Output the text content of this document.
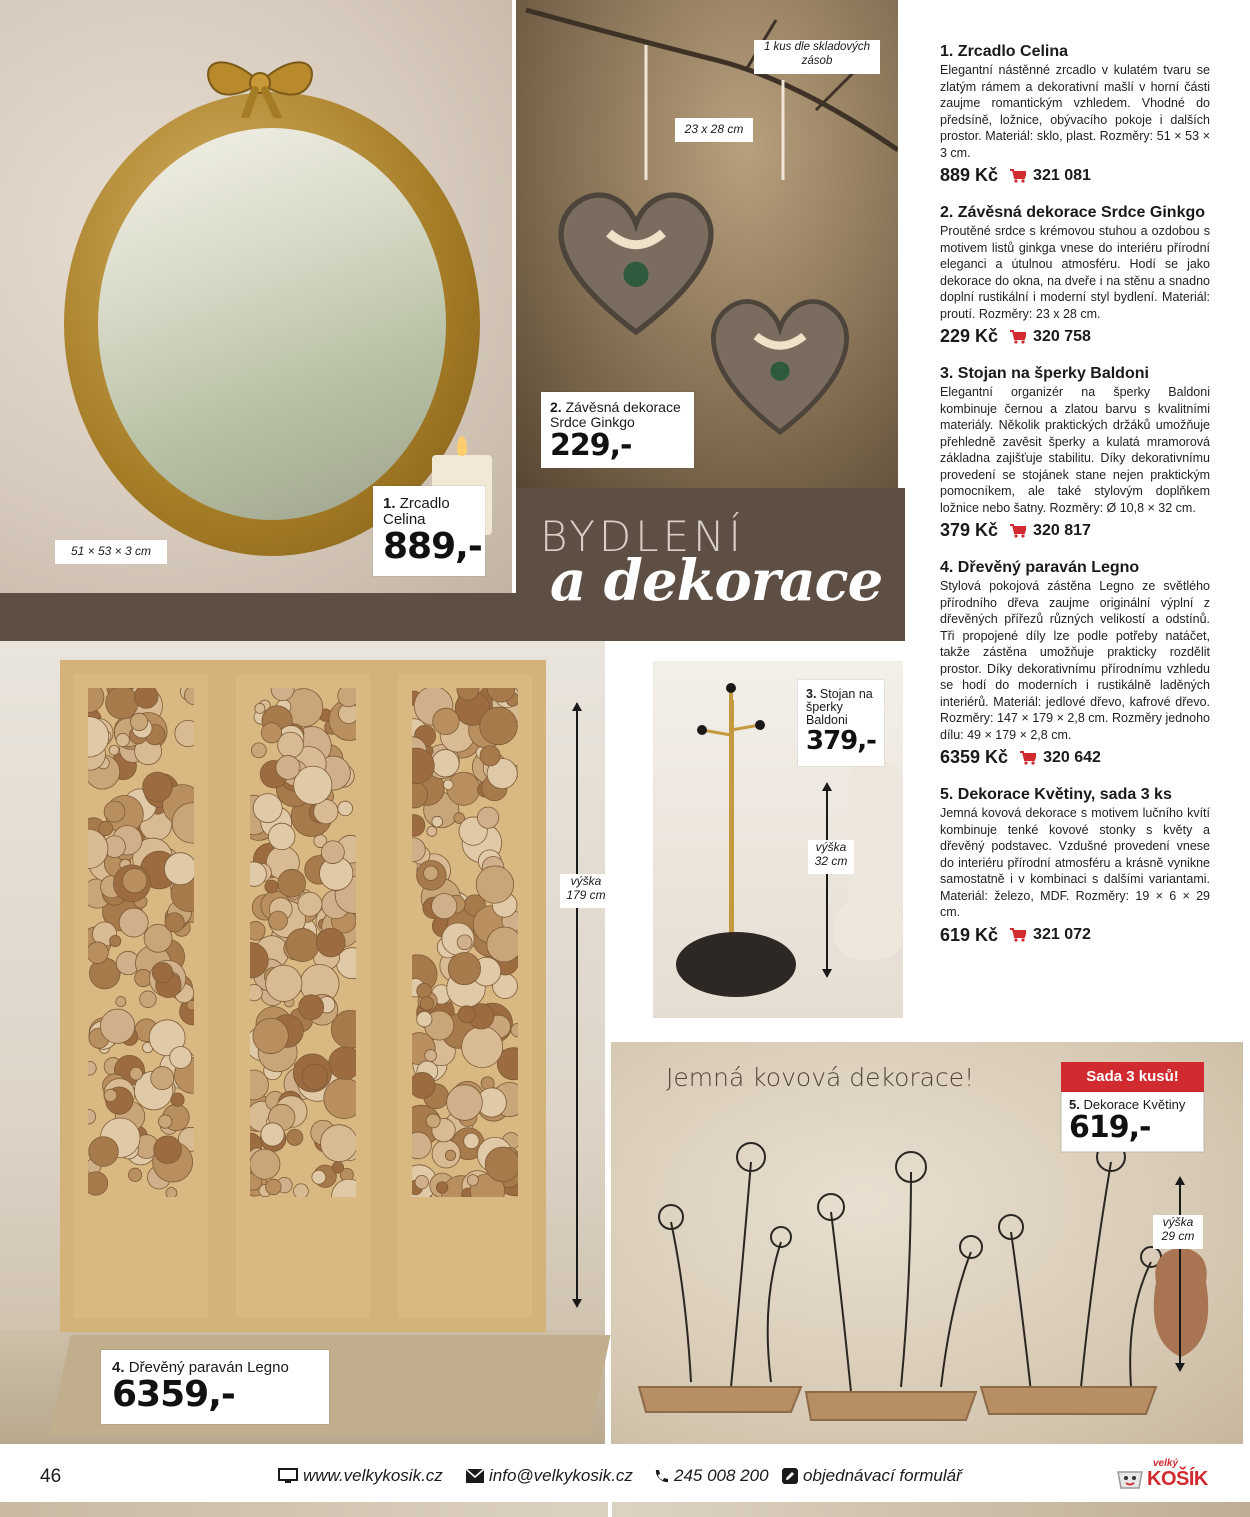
BYDLENÍ
a dekorace
Jemná kovová dekorace!	Sada 3 kusů!
51 × 53 × 3 cm
1 kus dle skladových zásob
23 x 28 cm
výška
179 cm
výška
32 cm
výška
29 cm
1. Zrcadlo Celina
889,-
2. Závěsná dekorace Srdce Ginkgo
229,-
3. Stojan na šperky Baldoni
379,-
4. Dřevěný paraván Legno
6359,-
5. Dekorace Květiny
619,-
1. Zrcadlo Celina
Elegantní nástěnné zrcadlo v kulatém tvaru se zlatým rámem a dekorativní mašlí v horní části zaujme romantickým vzhledem. Vhodné do předsíně, ložnice, obývacího pokoje i dalších prostor. Materiál: sklo, plast. Rozměry: 51 × 53 × 3 cm.
889 Kč 321 081
2. Závěsná dekorace Srdce Ginkgo
Proutěné srdce s krémovou stuhou a ozdobou s motivem listů ginkga vnese do interiéru přírodní eleganci a útulnou atmosféru. Hodí se jako dekorace do okna, na dveře i na stěnu a snadno doplní rustikální i moderní styl bydlení. Materiál: proutí. Rozměry: 23 x 28 cm.
229 Kč 320 758
3. Stojan na šperky Baldoni
Elegantní organizér na šperky Baldoni kombinuje černou a zlatou barvu s kvalitními materiály. Několik praktických držáků umožňuje přehledně zavěsit šperky a kulatá mramorová základna zajišťuje stabilitu. Díky dekorativnímu provedení se stojánek stane nejen praktickým pomocníkem, ale také stylovým doplňkem ložnice nebo šatny. Rozměry: Ø 10,8 × 32 cm.
379 Kč 320 817
4. Dřevěný paraván Legno
Stylová pokojová zástěna Legno ze světlého přírodního dřeva zaujme originální výplní z dřevěných přířezů různých velikostí a odstínů. Tři propojené díly lze podle potřeby natáčet, takže zástěna umožňuje prakticky rozdělit prostor. Díky dekorativnímu přírodnímu vzhledu se hodí do moderních i rustikálně laděných interiérů. Materiál: jedlové dřevo, kafrové dřevo. Rozměry: 147 × 179 × 2,8 cm. Rozměry jednoho dílu: 49 × 179 × 2,8 cm.
6359 Kč 320 642
5. Dekorace Květiny, sada 3 ks
Jemná kovová dekorace s motivem lučního kvítí kombinuje tenké kovové stonky s květy a dřevěný podstavec. Vzdušné provedení vnese do interiéru přírodní atmosféru a krásně vynikne samostatně i v kombinaci s dalšími variantami. Materiál: železo, MDF. Rozměry: 19 × 6 × 29 cm.
619 Kč 321 072
46	www.velkykosik.cz	info@velkykosik.cz 245 008 200 objednávací formulář
velký
KOŠÍK
